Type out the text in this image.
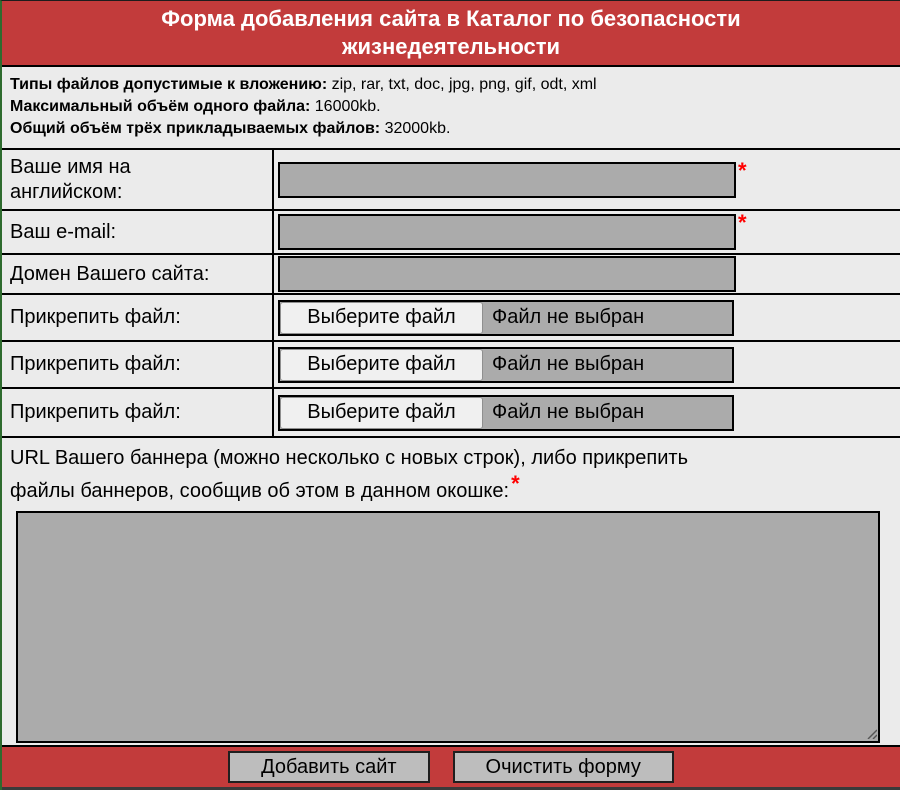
Форма добавления сайта в Каталог по безопасности жизнедеятельности
Типы файлов допустимые к вложению: zip, rar, txt, doc, jpg, png, gif, odt, xml
Максимальный объём одного файла: 16000kb.
Общий объём трёх прикладываемых файлов: 32000kb.
Ваше имя на английском:
*
Ваш e-mail:	*
Домен Вашего сайта:
Прикрепить файл:	Выберите файл	Файл не выбран
Прикрепить файл:	Выберите файл	Файл не выбран
Прикрепить файл:	Выберите файл	Файл не выбран
URL Вашего баннера (можно несколько с новых строк), либо прикрепить файлы баннеров, сообщив об этом в данном окошке:*
Добавить сайт	Очистить форму
